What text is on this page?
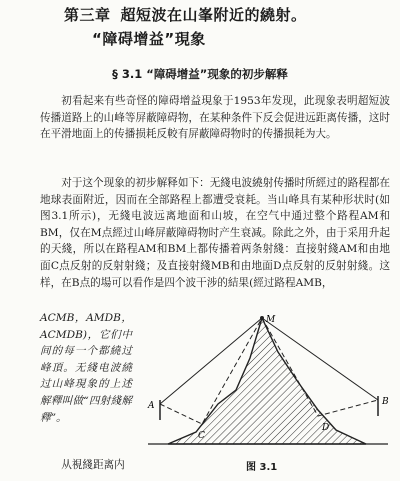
第三章 超短波在山峯附近的繞射。
“障碍增益”現象
§ 3.1 “障碍增益”现象的初步解释
初看起来有些奇怪的障碍增益現象于1953年发现，此现象表明超短波传播道路上的山峰等屏蔽障碍物，在某种条件下反会促进远距离传播，这时在平滑地面上的传播损耗反較有屏蔽障碍物时的传播损耗为大。
对于这个现象的初步解释如下：无綫电波繞射传播时所經过的路程都在地球表面附近，因而在全部路程上都遭受衰耗。当山峰具有某种形状时(如图3.1所示)，无綫电波远离地面和山坡，在空气中通过整个路程AM和BM，仅在M点經过山峰屏蔽障碍物时产生衰减。除此之外，由于采用升起的天綫，所以在路程AM和BM上都传播着两条射綫：直接射綫AM和由地面C点反射的反射射綫；及直接射綫MB和由地面D点反射的反射射綫。这样，在B点的場可以看作是四个波干涉的結果(經过路程AMB，
ACMB，AMDB，ACMDB)，它们中间的每一个都繞过峰頂。无綫电波繞过山峰現象的上述解釋叫做“四射綫解釋”。
从視綫距离内
A	B
C
D
M
图 3.1
